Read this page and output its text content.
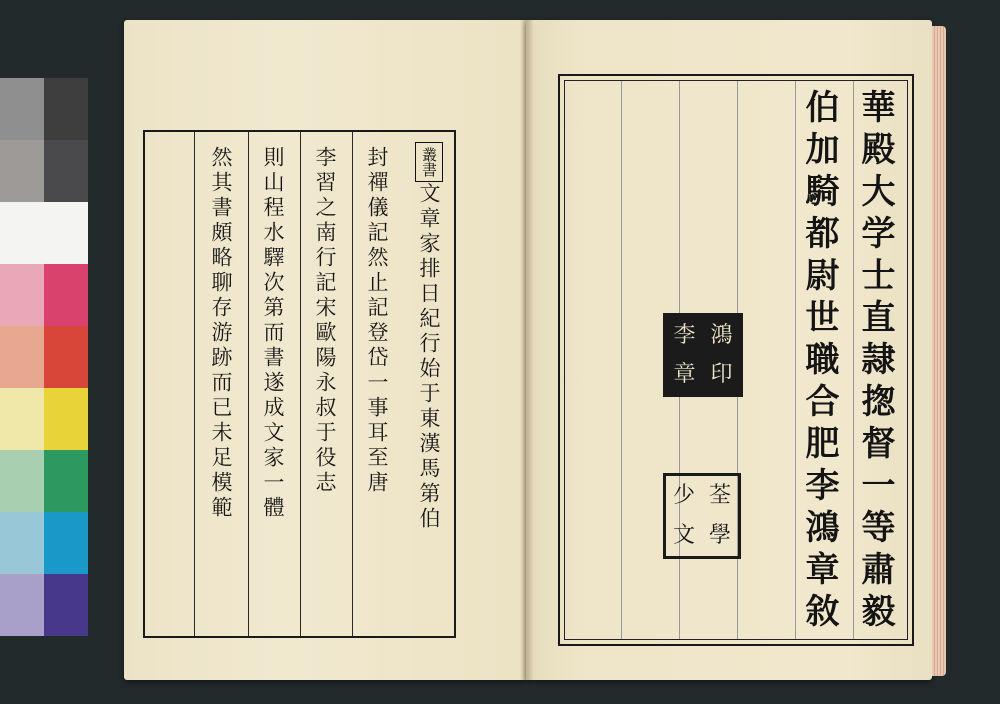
叢書文章家排日紀行始于東漢馬第伯
封禪儀記然止記登岱一事耳至唐
李習之南行記宋歐陽永叔于役志
則山程水驛次第而書遂成文家一體
然其書頗略聊存游跡而已未足模範	華殿大学士直隷揔督一等肅毅
伯加騎都尉世職合肥李鴻章敘
李 鴻
章 印
少 荃
文 學
